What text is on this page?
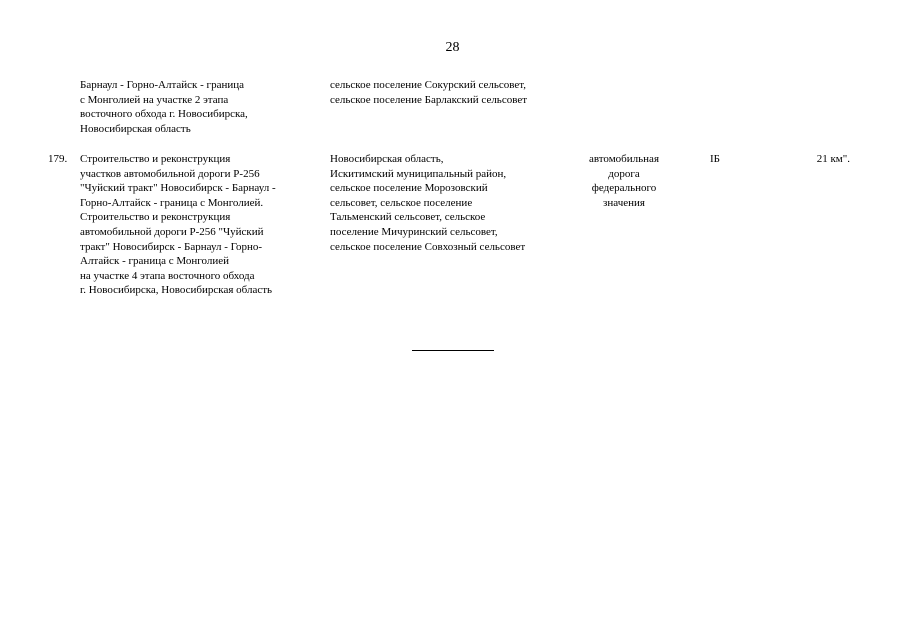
28
Барнаул - Горно-Алтайск - граница
с Монголией на участке 2 этапа
восточного обхода г. Новосибирска,
Новосибирская область
сельское поселение Сокурский сельсовет,
сельское поселение Барлакский сельсовет
179.	Строительство и реконструкция
участков автомобильной дороги Р-256
"Чуйский тракт" Новосибирск - Барнаул -
Горно-Алтайск - граница с Монголией.
Строительство и реконструкция
автомобильной дороги Р-256 "Чуйский
тракт" Новосибирск - Барнаул - Горно-
Алтайск - граница с Монголией
на участке 4 этапа восточного обхода
г. Новосибирска, Новосибирская область
Новосибирская область,
Искитимский муниципальный район,
сельское поселение Морозовский
сельсовет, сельское поселение
Тальменский сельсовет, сельское
поселение Мичуринский сельсовет,
сельское поселение Совхозный сельсовет
автомобильная
дорога
федерального
значения
IБ	21 км".
